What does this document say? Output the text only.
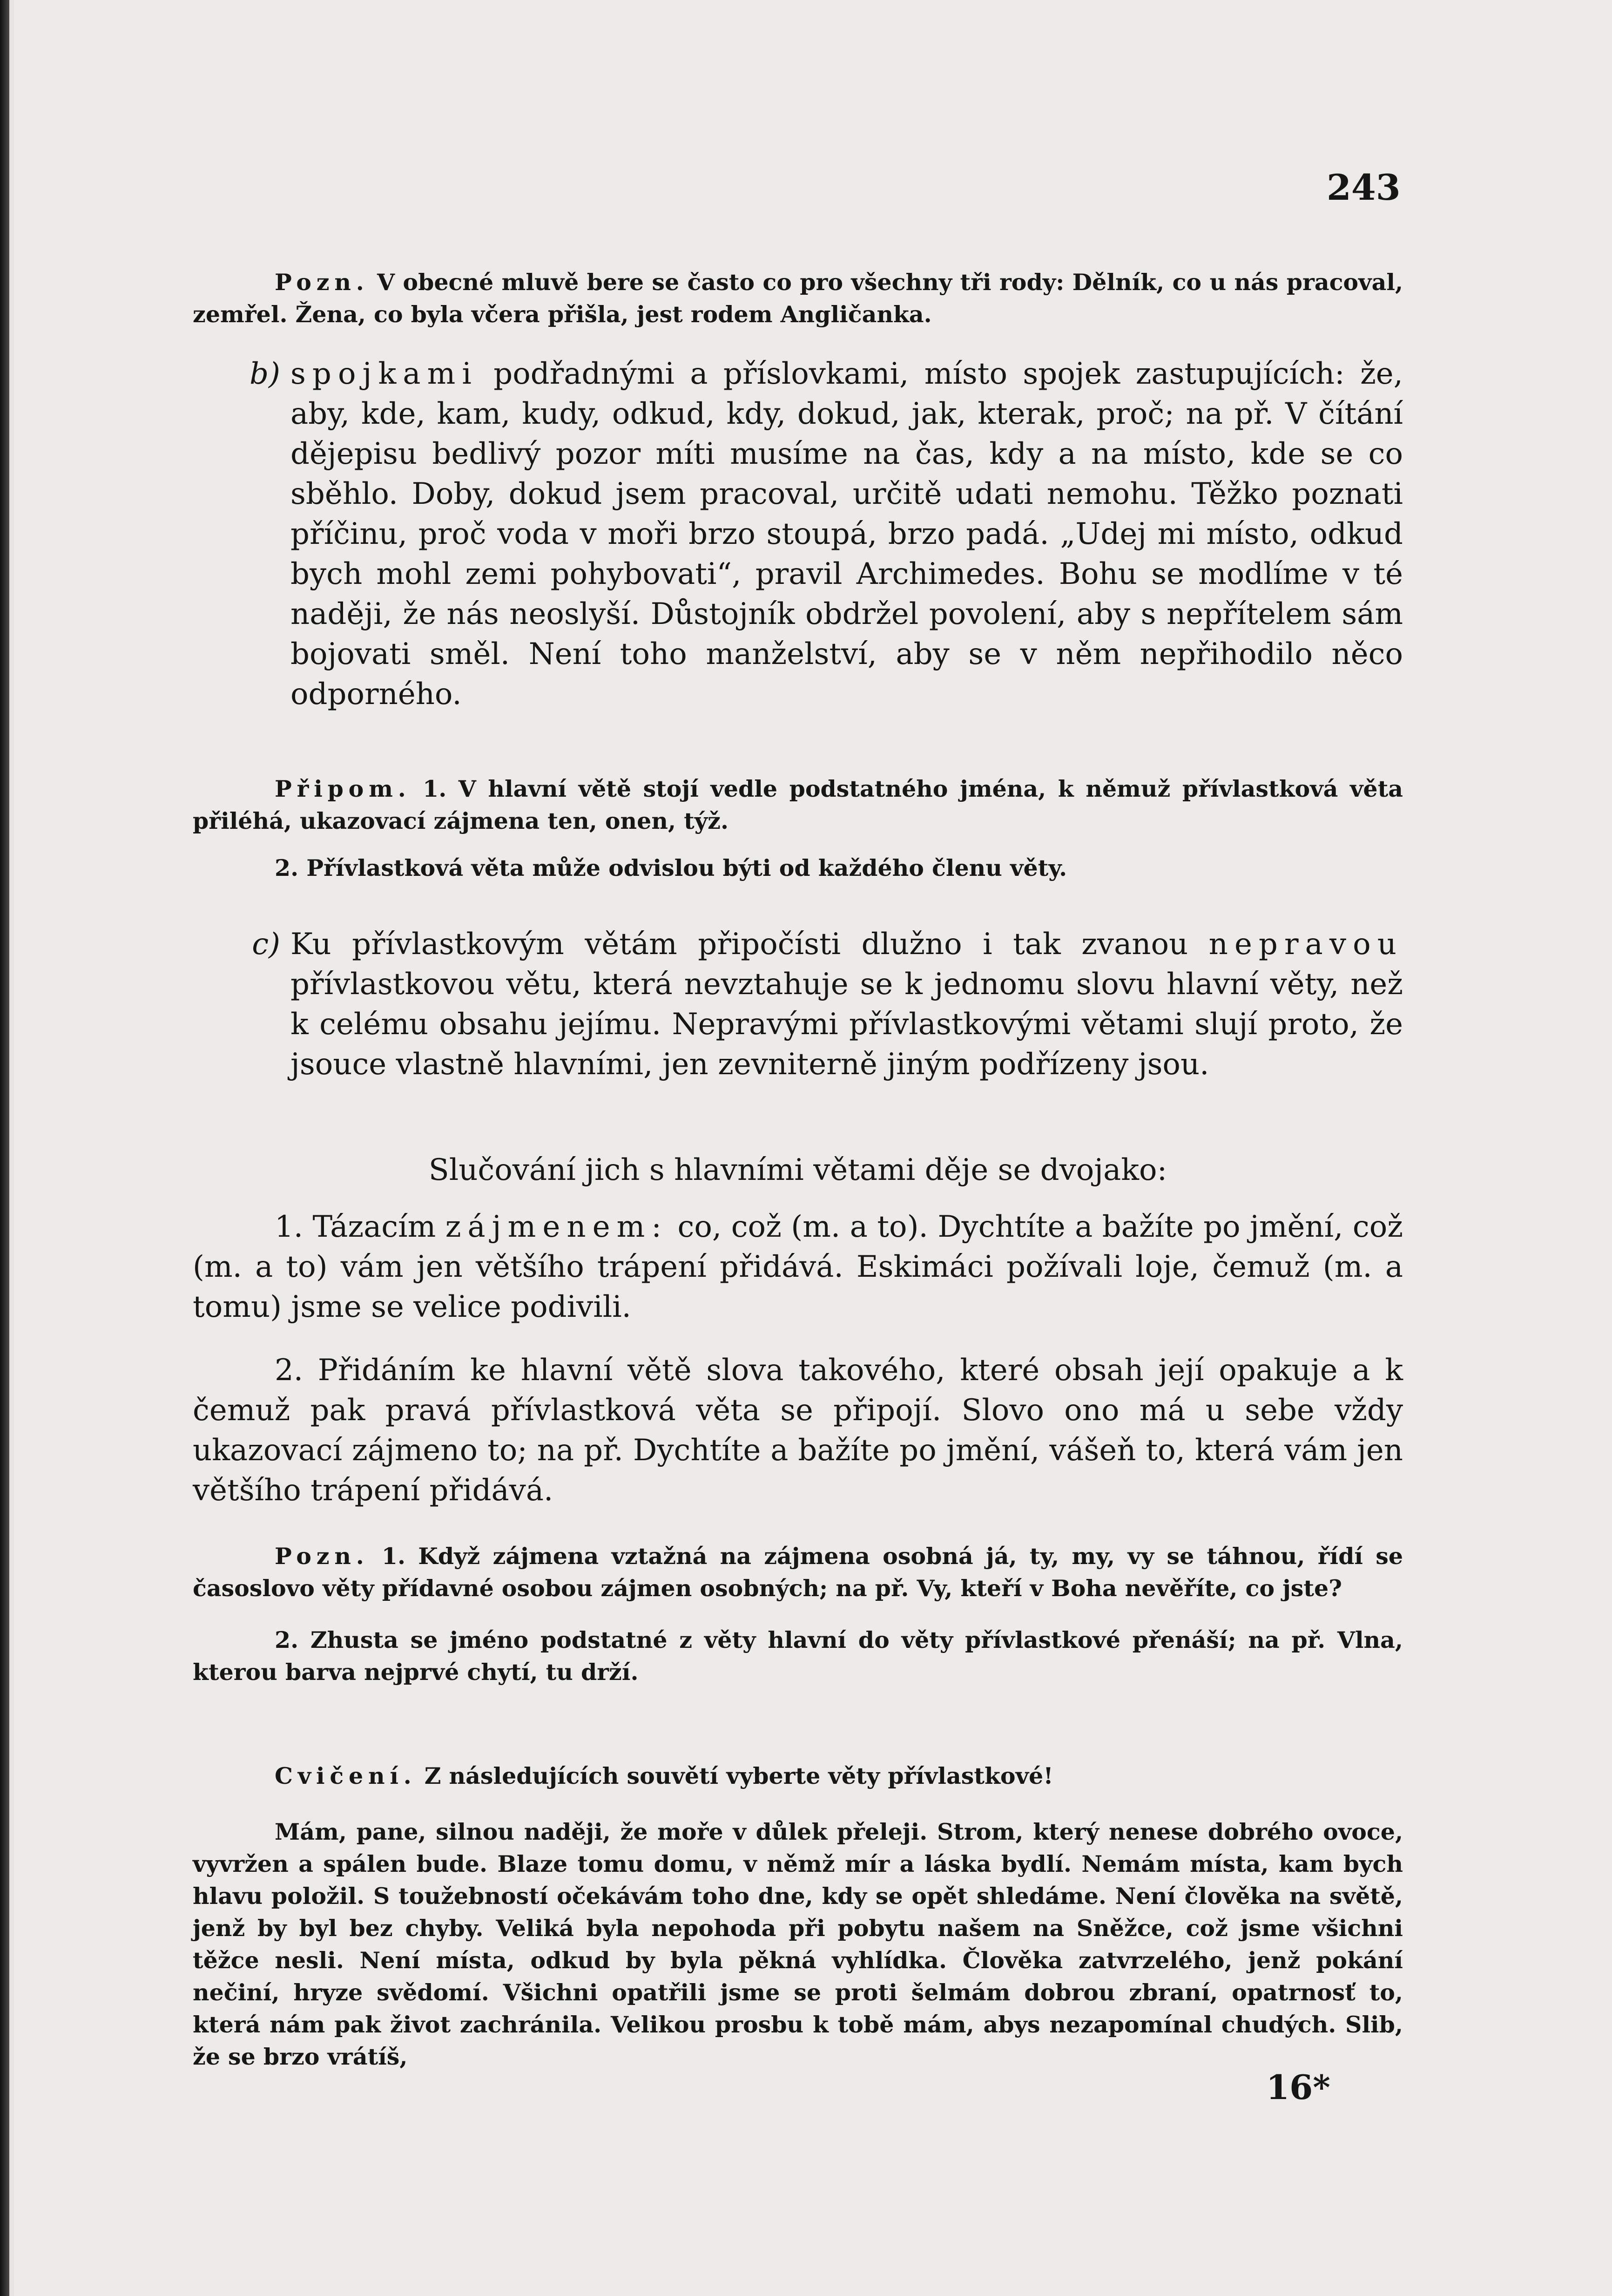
243

Pozn. V obecné mluvě bere se často co pro všechny tři rody: Dělník, co u nás pracoval, zemřel. Žena, co byla včera přišla, jest rodem Angličanka.

b) spojkami podřadnými a příslovkami, místo spojek zastupujících: že, aby, kde, kam, kudy, odkud, kdy, dokud, jak, kterak, proč; na př. V čítání dějepisu bedlivý pozor míti musíme na čas, kdy a na místo, kde se co sběhlo. Doby, dokud jsem pracoval, určitě udati nemohu. Těžko poznati příčinu, proč voda v moři brzo stoupá, brzo padá. „Udej mi místo, odkud bych mohl zemi pohybovati“, pravil Archimedes. Bohu se modlíme v té naději, že nás neoslyší. Důstojník obdržel povolení, aby s nepřítelem sám bojovati směl. Není toho manželství, aby se v něm nepřihodilo něco odporného.

Připom. 1. V hlavní větě stojí vedle podstatného jména, k němuž přívlastková věta přiléhá, ukazovací zájmena ten, onen, týž.

2. Přívlastková věta může odvislou býti od každého členu věty.

c) Ku přívlastkovým větám připočísti dlužno i tak zvanou nepravou přívlastkovou větu, která nevztahuje se k jednomu slovu hlavní věty, než k celému obsahu jejímu. Nepravými přívlastkovými větami slují proto, že jsouce vlastně hlavními, jen zevniterně jiným podřízeny jsou.

Slučování jich s hlavními větami děje se dvojako:

1. Tázacím zájmenem: co, což (m. a to). Dychtíte a bažíte po jmění, což (m. a to) vám jen většího trápení přidává. Eskimáci požívali loje, čemuž (m. a tomu) jsme se velice podivili.

2. Přidáním ke hlavní větě slova takového, které obsah její opakuje a k čemuž pak pravá přívlastková věta se připojí. Slovo ono má u sebe vždy ukazovací zájmeno to; na př. Dychtíte a bažíte po jmění, vášeň to, která vám jen většího trápení přidává.

Pozn. 1. Když zájmena vztažná na zájmena osobná já, ty, my, vy se táhnou, řídí se časoslovo věty přídavné osobou zájmen osobných; na př. Vy, kteří v Boha nevěříte, co jste?

2. Zhusta se jméno podstatné z věty hlavní do věty přívlastkové přenáší; na př. Vlna, kterou barva nejprvé chytí, tu drží.

Cvičení. Z následujících souvětí vyberte věty přívlastkové!

Mám, pane, silnou naději, že moře v důlek přeleji. Strom, který nenese dobrého ovoce, vyvržen a spálen bude. Blaze tomu domu, v němž mír a láska bydlí. Nemám místa, kam bych hlavu položil. S toužebností očekávám toho dne, kdy se opět shledáme. Není člověka na světě, jenž by byl bez chyby. Veliká byla nepohoda při pobytu našem na Sněžce, což jsme všichni těžce nesli. Není místa, odkud by byla pěkná vyhlídka. Člověka zatvrzelého, jenž pokání nečiní, hryze svědomí. Všichni opatřili jsme se proti šelmám dobrou zbraní, opatrnosť to, která nám pak život zachránila. Velikou prosbu k tobě mám, abys nezapomínal chudých. Slib, že se brzo vrátíš,

16*
